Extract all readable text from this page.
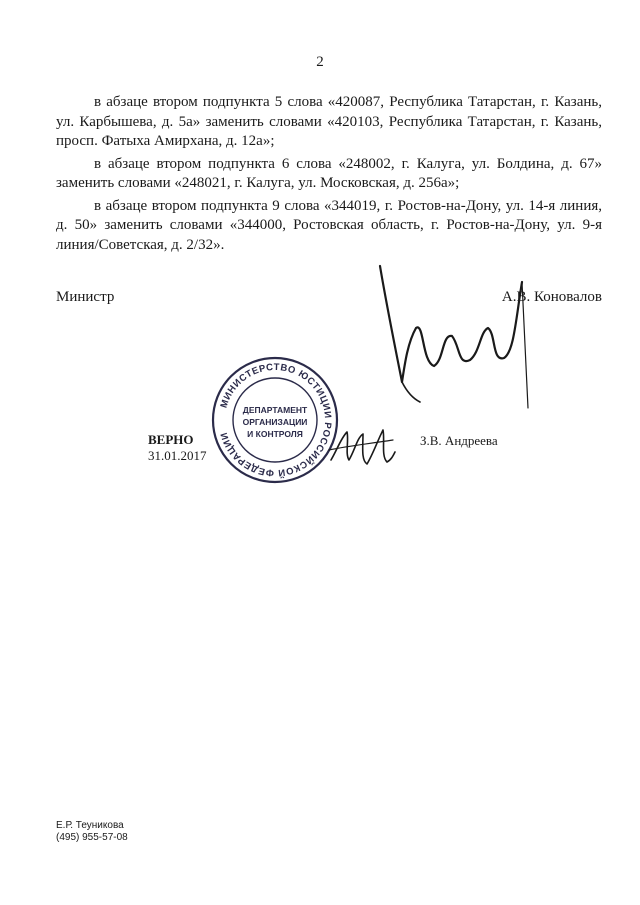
2

в абзаце втором подпункта 5 слова «420087, Республика Татарстан, г. Казань, ул. Карбышева, д. 5а» заменить словами «420103, Республика Татарстан, г. Казань, просп. Фатыха Амирхана, д. 12а»;

в абзаце втором подпункта 6 слова «248002, г. Калуга, ул. Болдина, д. 67» заменить словами «248021, г. Калуга, ул. Московская, д. 256а»;

в абзаце втором подпункта 9 слова «344019, г. Ростов-на-Дону, ул. 14-я линия, д. 50» заменить словами «344000, Ростовская область, г. Ростов-на-Дону, ул. 9-я линия/Советская, д. 2/32».

Министр	А.В. Коновалов
МИНИСТЕРСТВО ЮСТИЦИИ РОССИЙСКОЙ ФЕДЕРАЦИИ
ДЕПАРТАМЕНТ
ОРГАНИЗАЦИИ
И КОНТРОЛЯ
ВЕРНО
31.01.2017
З.В. Андреева
Е.Р. Теуникова
(495) 955-57-08
